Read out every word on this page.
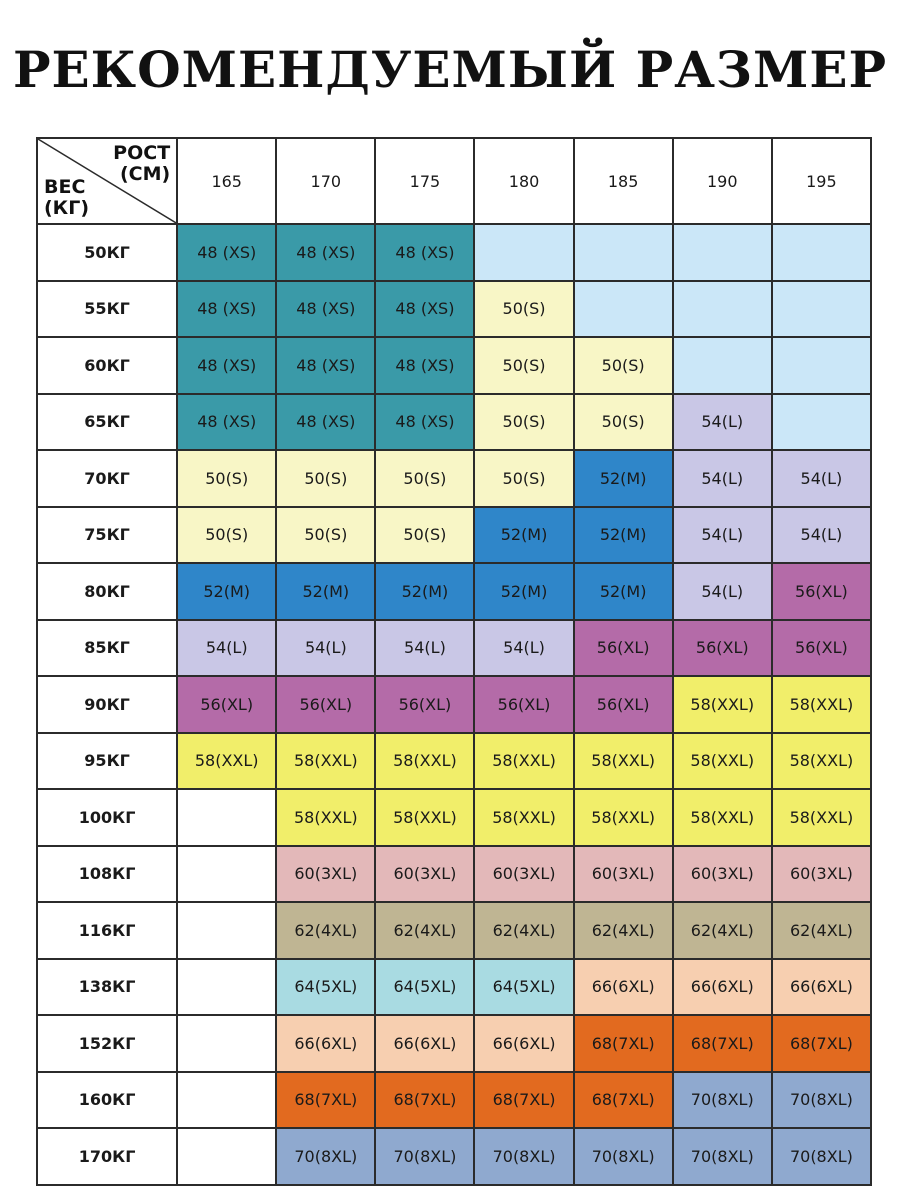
РЕКОМЕНДУЕМЫЙ РАЗМЕР
РОСТ
(СМ)
ВЕС
(КГ)	165	170	175	180	185	190	195
50КГ	48 (XS)	48 (XS)	48 (XS)				
55КГ	48 (XS)	48 (XS)	48 (XS)	50(S)			
60КГ	48 (XS)	48 (XS)	48 (XS)	50(S)	50(S)		
65КГ	48 (XS)	48 (XS)	48 (XS)	50(S)	50(S)	54(L)	
70КГ	50(S)	50(S)	50(S)	50(S)	52(M)	54(L)	54(L)
75КГ	50(S)	50(S)	50(S)	52(M)	52(M)	54(L)	54(L)
80КГ	52(M)	52(M)	52(M)	52(M)	52(M)	54(L)	56(XL)
85КГ	54(L)	54(L)	54(L)	54(L)	56(XL)	56(XL)	56(XL)
90КГ	56(XL)	56(XL)	56(XL)	56(XL)	56(XL)	58(XXL)	58(XXL)
95КГ	58(XXL)	58(XXL)	58(XXL)	58(XXL)	58(XXL)	58(XXL)	58(XXL)
100КГ		58(XXL)	58(XXL)	58(XXL)	58(XXL)	58(XXL)	58(XXL)
108КГ		60(3XL)	60(3XL)	60(3XL)	60(3XL)	60(3XL)	60(3XL)
116КГ		62(4XL)	62(4XL)	62(4XL)	62(4XL)	62(4XL)	62(4XL)
138КГ		64(5XL)	64(5XL)	64(5XL)	66(6XL)	66(6XL)	66(6XL)
152КГ		66(6XL)	66(6XL)	66(6XL)	68(7XL)	68(7XL)	68(7XL)
160КГ		68(7XL)	68(7XL)	68(7XL)	68(7XL)	70(8XL)	70(8XL)
170КГ		70(8XL)	70(8XL)	70(8XL)	70(8XL)	70(8XL)	70(8XL)
